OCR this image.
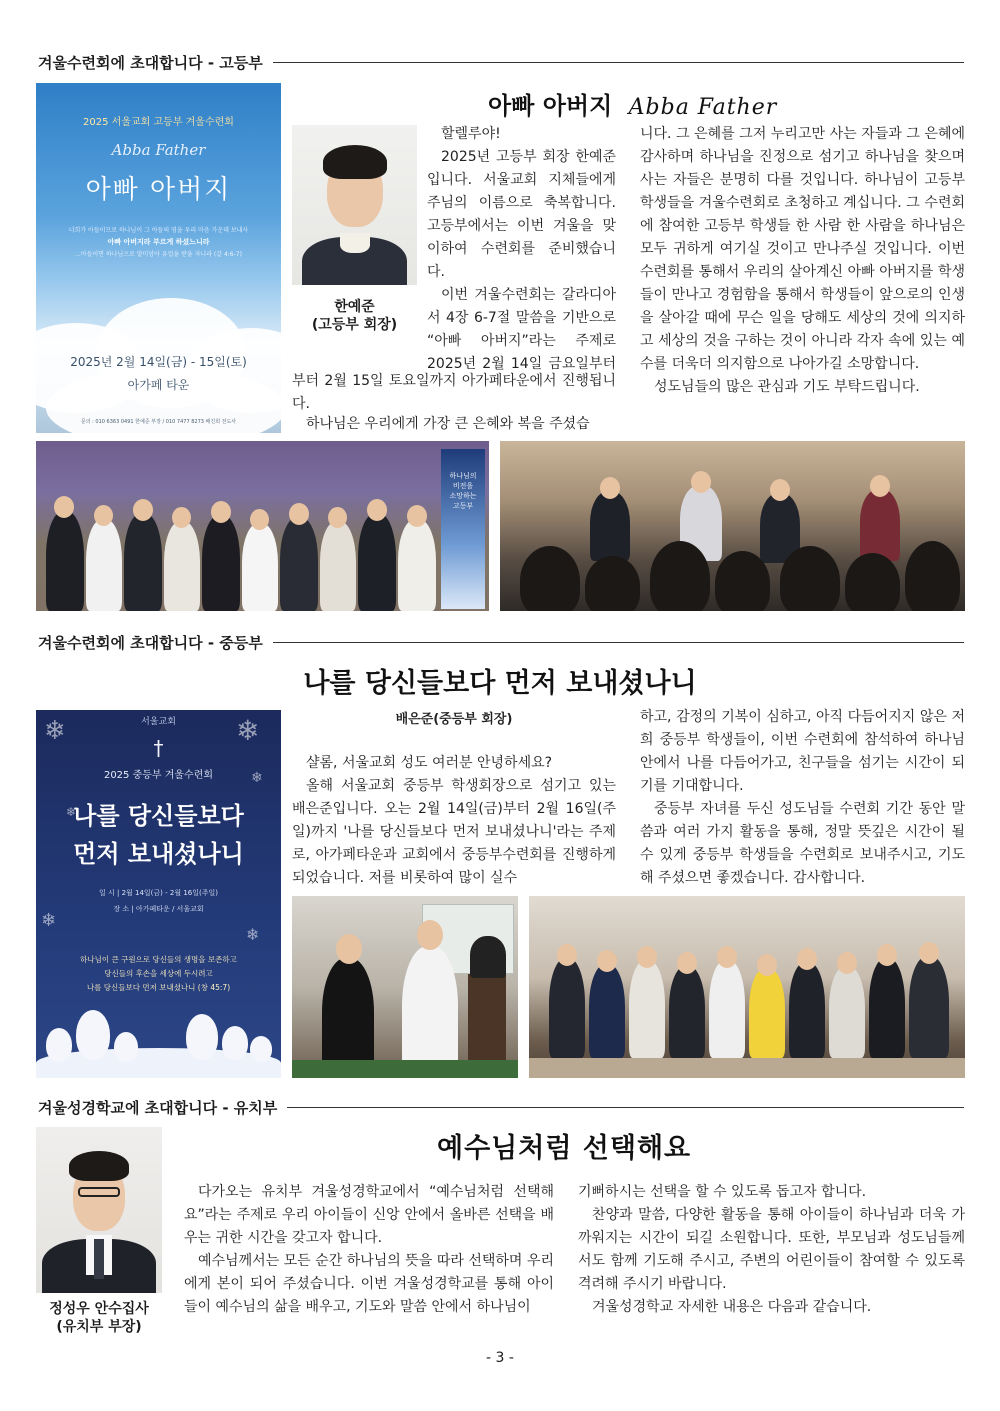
겨울수련회에 초대합니다 - 고등부
아빠 아버지 Abba Father
2025 서울교회 고등부 겨울수련회
Abba Father
아빠 아버지
너희가 아들이므로 하나님이 그 아들의 영을 우리 마음 가운데 보내사
아빠 아버지라 부르게 하셨느니라
...아들이면 하나님으로 말미암아 유업을 받을 자니라 (갈 4:6-7)
2025년 2월 14일(금) - 15일(토)
아가페 타운
문의 : 010 6363 0491 한예준 부장 / 010 7477 8273 배진희 전도사
한예준
(고등부 회장)

할렐루야!

2025년 고등부 회장 한예준입니다. 서울교회 지체들에게 주님의 이름으로 축복합니다. 고등부에서는 이번 겨울을 맞이하여 수련회를 준비했습니다.

이번 겨울수련회는 갈라디아서 4장 6-7절 말씀을 기반으로 “아빠 아버지”라는 주제로 2025년 2월 14일 금요일부터

부터 2월 15일 토요일까지 아가페타운에서 진행됩니다.

하나님은 우리에게 가장 큰 은혜와 복을 주셨습

니다. 그 은혜를 그저 누리고만 사는 자들과 그 은혜에 감사하며 하나님을 진정으로 섬기고 하나님을 찾으며 사는 자들은 분명히 다를 것입니다. 하나님이 고등부 학생들을 겨울수련회로 초청하고 계십니다. 그 수련회에 참여한 고등부 학생들 한 사람 한 사람을 하나님은 모두 귀하게 여기실 것이고 만나주실 것입니다. 이번 수련회를 통해서 우리의 살아계신 아빠 아버지를 학생들이 만나고 경험함을 통해서 학생들이 앞으로의 인생을 살아갈 때에 무슨 일을 당해도 세상의 것에 의지하고 세상의 것을 구하는 것이 아니라 각자 속에 있는 예수를 더욱더 의지함으로 나아가길 소망합니다.

성도님들의 많은 관심과 기도 부탁드립니다.

하나님의
비전을
소망하는
고등부
겨울수련회에 초대합니다 - 중등부
나를 당신들보다 먼저 보내셨나니
❄	❄
❄
❄
❄
❄
서울교회
†
2025 중등부 겨울수련회
나를 당신들보다
먼저 보내셨나니
일 시 | 2월 14일(금) - 2월 16일(주일)
장 소 | 아가페타운 / 서울교회
하나님이 큰 구원으로 당신들의 생명을 보존하고
당신들의 후손을 세상에 두시려고
나를 당신들보다 먼저 보내셨나니 (창 45:7)
배은준(중등부 회장)

샬롬, 서울교회 성도 여러분 안녕하세요?

올해 서울교회 중등부 학생회장으로 섬기고 있는 배은준입니다. 오는 2월 14일(금)부터 2월 16일(주일)까지 '나를 당신들보다 먼저 보내셨나니'라는 주제로, 아가페타운과 교회에서 중등부수련회를 진행하게 되었습니다. 저를 비롯하여 많이 실수

하고, 감정의 기복이 심하고, 아직 다듬어지지 않은 저희 중등부 학생들이, 이번 수련회에 참석하여 하나님 안에서 나를 다듬어가고, 친구들을 섬기는 시간이 되기를 기대합니다.

중등부 자녀를 두신 성도님들 수련회 기간 동안 말씀과 여러 가지 활동을 통해, 정말 뜻깊은 시간이 될 수 있게 중등부 학생들을 수련회로 보내주시고, 기도해 주셨으면 좋겠습니다. 감사합니다.

겨울성경학교에 초대합니다 - 유치부
예수님처럼 선택해요
정성우 안수집사
(유치부 부장)

다가오는 유치부 겨울성경학교에서 “예수님처럼 선택해요”라는 주제로 우리 아이들이 신앙 안에서 올바른 선택을 배우는 귀한 시간을 갖고자 합니다.

예수님께서는 모든 순간 하나님의 뜻을 따라 선택하며 우리에게 본이 되어 주셨습니다. 이번 겨울성경학교를 통해 아이들이 예수님의 삶을 배우고, 기도와 말씀 안에서 하나님이

기뻐하시는 선택을 할 수 있도록 돕고자 합니다.

찬양과 말씀, 다양한 활동을 통해 아이들이 하나님과 더욱 가까워지는 시간이 되길 소원합니다. 또한, 부모님과 성도님들께서도 함께 기도해 주시고, 주변의 어린이들이 참여할 수 있도록 격려해 주시기 바랍니다.

겨울성경학교 자세한 내용은 다음과 같습니다.

- 3 -
